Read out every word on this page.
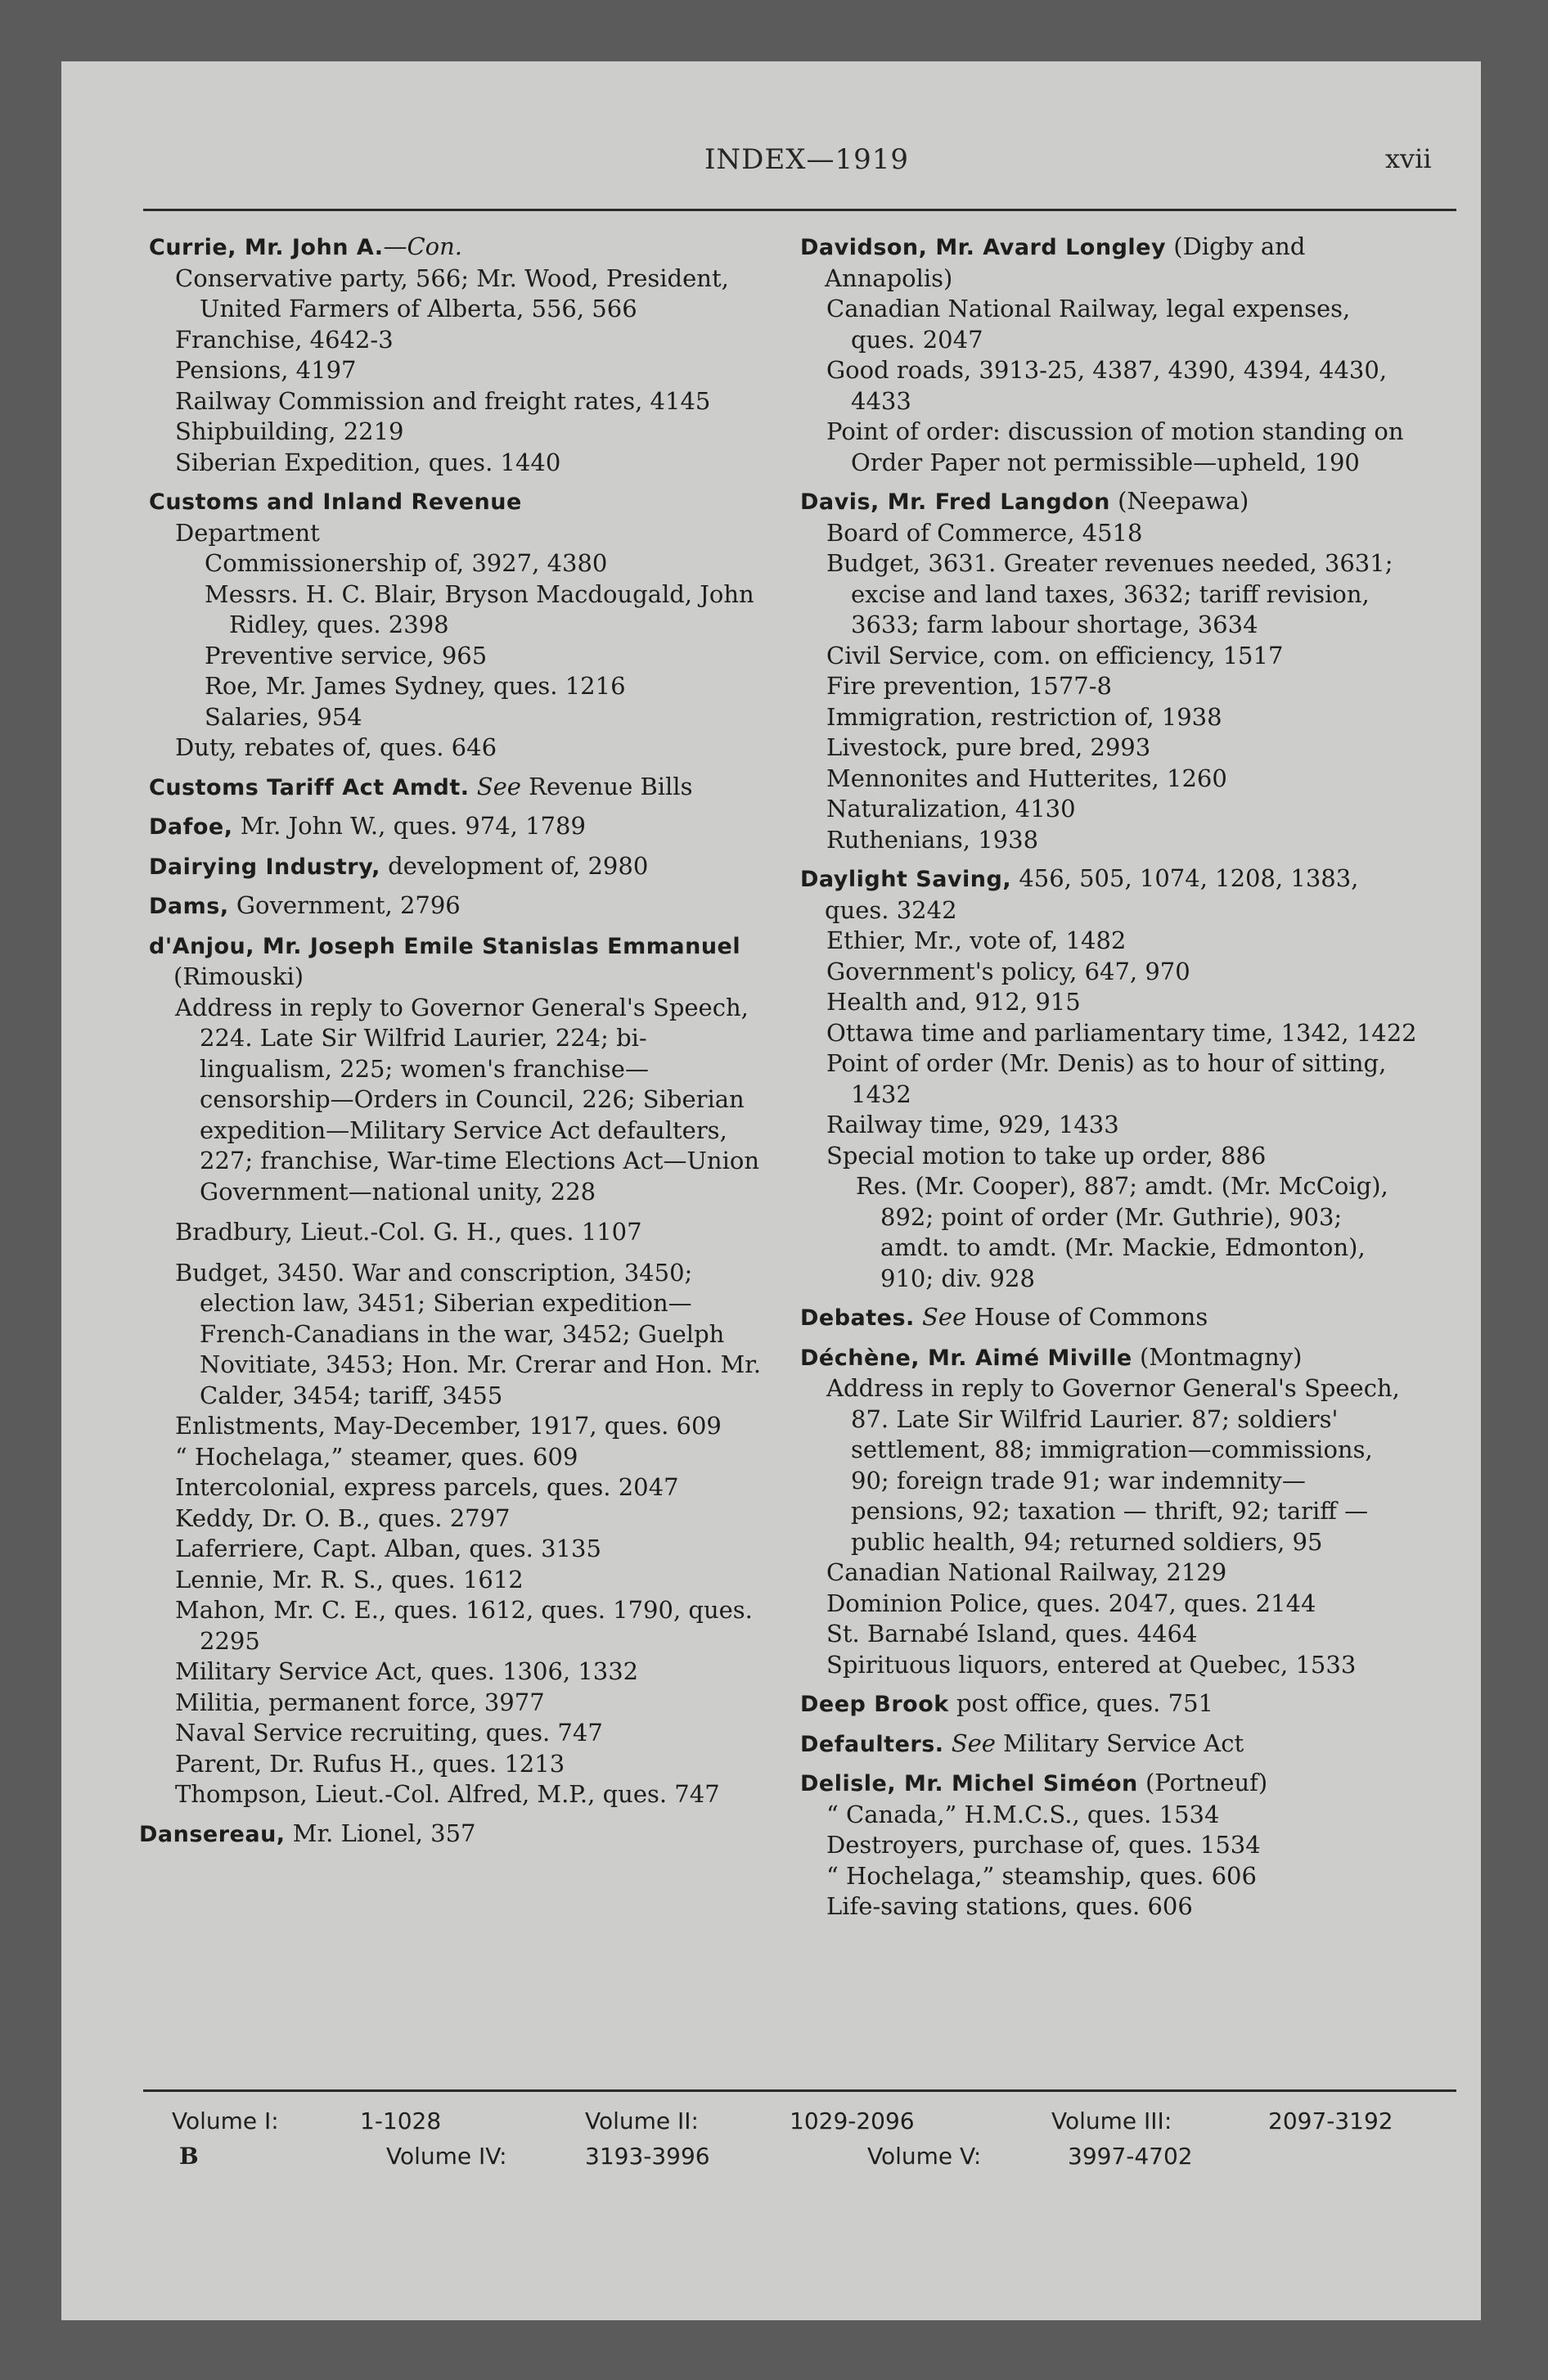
INDEX—1919	xvii
Currie, Mr. John A.—Con.
Conservative party, 566; Mr. Wood, President, United Farmers of Alberta, 556, 566
Franchise, 4642-3
Pensions, 4197
Railway Commission and freight rates, 4145
Shipbuilding, 2219
Siberian Expedition, ques. 1440
Customs and Inland Revenue
Department
Commissionership of, 3927, 4380
Messrs. H. C. Blair, Bryson Macdougald, John Ridley, ques. 2398
Preventive service, 965
Roe, Mr. James Sydney, ques. 1216
Salaries, 954
Duty, rebates of, ques. 646
Customs Tariff Act Amdt. See Revenue Bills
Dafoe, Mr. John W., ques. 974, 1789
Dairying Industry, development of, 2980
Dams, Government, 2796
d'Anjou, Mr. Joseph Emile Stanislas Emmanuel (Rimouski)
Address in reply to Governor General's Speech, 224. Late Sir Wilfrid Laurier, 224; bi-lingualism, 225; women's franchise—censorship—Orders in Council, 226; Siberian expedition—Military Service Act defaulters, 227; franchise, War-time Elections Act—Union Government—national unity, 228
Bradbury, Lieut.-Col. G. H., ques. 1107
Budget, 3450. War and conscription, 3450; election law, 3451; Siberian expedition—French-Canadians in the war, 3452; Guelph Novitiate, 3453; Hon. Mr. Crerar and Hon. Mr. Calder, 3454; tariff, 3455
Enlistments, May-December, 1917, ques. 609
“ Hochelaga,” steamer, ques. 609
Intercolonial, express parcels, ques. 2047
Keddy, Dr. O. B., ques. 2797
Laferriere, Capt. Alban, ques. 3135
Lennie, Mr. R. S., ques. 1612
Mahon, Mr. C. E., ques. 1612, ques. 1790, ques. 2295
Military Service Act, ques. 1306, 1332
Militia, permanent force, 3977
Naval Service recruiting, ques. 747
Parent, Dr. Rufus H., ques. 1213
Thompson, Lieut.-Col. Alfred, M.P., ques. 747
Dansereau, Mr. Lionel, 357
Davidson, Mr. Avard Longley (Digby and Annapolis)
Canadian National Railway, legal expenses, ques. 2047
Good roads, 3913-25, 4387, 4390, 4394, 4430, 4433
Point of order: discussion of motion standing on Order Paper not permissible—upheld, 190
Davis, Mr. Fred Langdon (Neepawa)
Board of Commerce, 4518
Budget, 3631. Greater revenues needed, 3631; excise and land taxes, 3632; tariff revision, 3633; farm labour shortage, 3634
Civil Service, com. on efficiency, 1517
Fire prevention, 1577-8
Immigration, restriction of, 1938
Livestock, pure bred, 2993
Mennonites and Hutterites, 1260
Naturalization, 4130
Ruthenians, 1938
Daylight Saving, 456, 505, 1074, 1208, 1383, ques. 3242
Ethier, Mr., vote of, 1482
Government's policy, 647, 970
Health and, 912, 915
Ottawa time and parliamentary time, 1342, 1422
Point of order (Mr. Denis) as to hour of sitting, 1432
Railway time, 929, 1433
Special motion to take up order, 886
Res. (Mr. Cooper), 887; amdt. (Mr. McCoig), 892; point of order (Mr. Guthrie), 903; amdt. to amdt. (Mr. Mackie, Edmonton), 910; div. 928
Debates. See House of Commons
Déchène, Mr. Aimé Miville (Montmagny)
Address in reply to Governor General's Speech, 87. Late Sir Wilfrid Laurier. 87; soldiers' settlement, 88; immigration—commissions, 90; foreign trade 91; war indemnity—pensions, 92; taxation — thrift, 92; tariff — public health, 94; returned soldiers, 95
Canadian National Railway, 2129
Dominion Police, ques. 2047, ques. 2144
St. Barnabé Island, ques. 4464
Spirituous liquors, entered at Quebec, 1533
Deep Brook post office, ques. 751
Defaulters. See Military Service Act
Delisle, Mr. Michel Siméon (Portneuf)
“ Canada,” H.M.C.S., ques. 1534
Destroyers, purchase of, ques. 1534
“ Hochelaga,” steamship, ques. 606
Life-saving stations, ques. 606
Volume I:	1-1028	Volume II:	1029-2096	Volume III:	2097-3192
B	Volume IV:	3193-3996	Volume V:	3997-4702
